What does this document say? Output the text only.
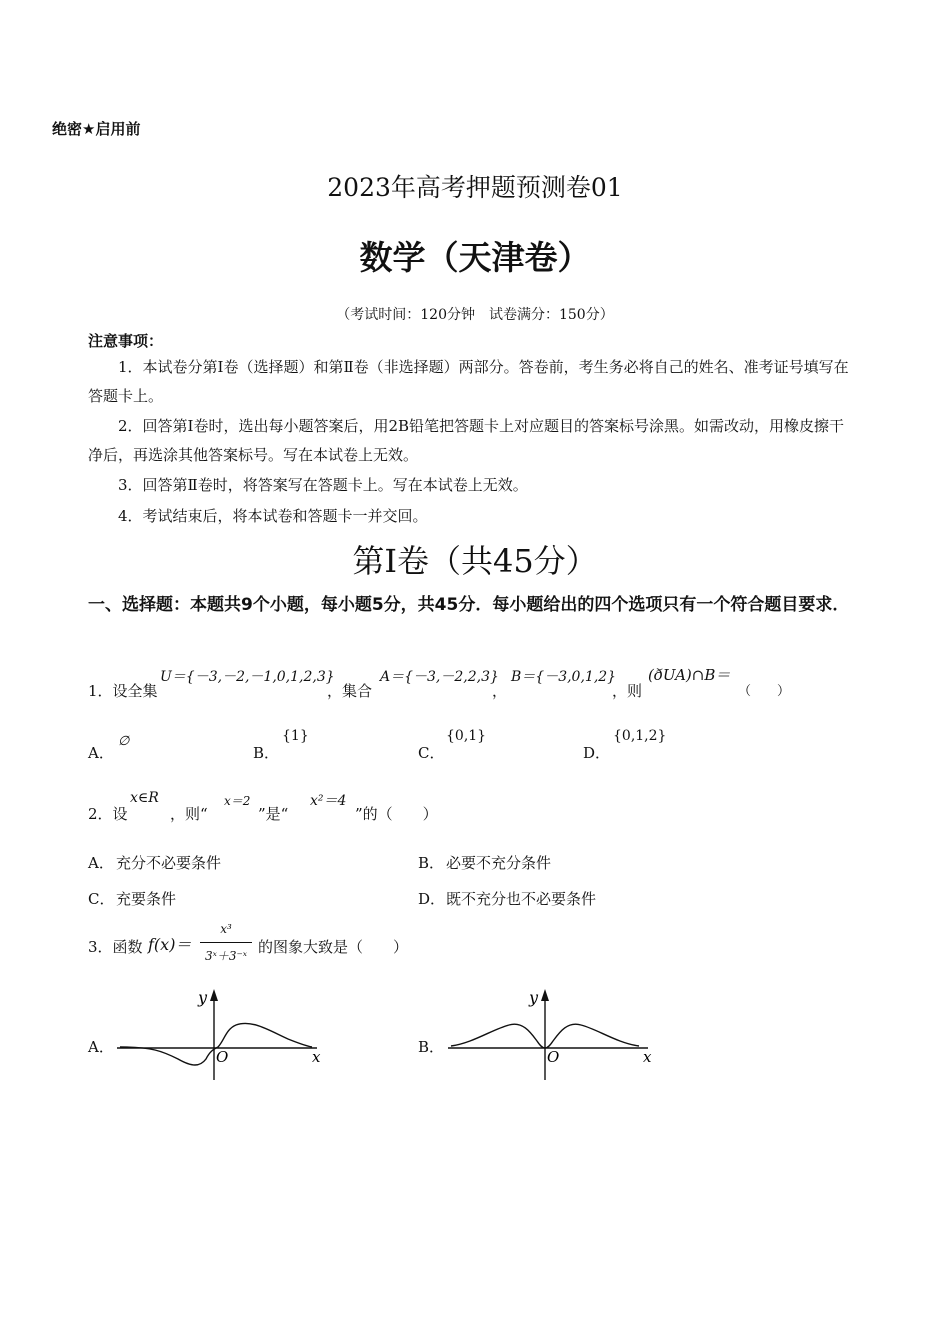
绝密★启用前
2023年高考押题预测卷01
数学（天津卷）
（考试时间：120分钟　试卷满分：150分）
注意事项：
1．本试卷分第Ⅰ卷（选择题）和第Ⅱ卷（非选择题）两部分。答卷前，考生务必将自己的姓名、准考证号填写在答题卡上。
2．回答第Ⅰ卷时，选出每小题答案后，用2B铅笔把答题卡上对应题目的答案标号涂黑。如需改动，用橡皮擦干净后，再选涂其他答案标号。写在本试卷上无效。
3．回答第Ⅱ卷时，将答案写在答题卡上。写在本试卷上无效。
4．考试结束后，将本试卷和答题卡一并交回。
第Ⅰ卷（共45分）
一、选择题：本题共9个小题，每小题5分，共45分．每小题给出的四个选项只有一个符合题目要求．
1．设全集
U＝{－3,－2,－1,0,1,2,3}
，集合
A＝{－3,－2,2,3}
，
B＝{－3,0,1,2}
，则
(ðUA)∩B＝
（　　）
A．
∅
B．
{1}
C．
{0,1}
D．
{0,1,2}
2．设
x∈R
，则“
x＝2
”是“
x²＝4
”的（　　）
A． 充分不必要条件	B． 必要不充分条件
C． 充要条件	D． 既不充分也不必要条件
3．函数 f(x)＝
x³
3ˣ＋3⁻ˣ 的图象大致是（　　）
A．
y
O	x
B．
y
O	x
